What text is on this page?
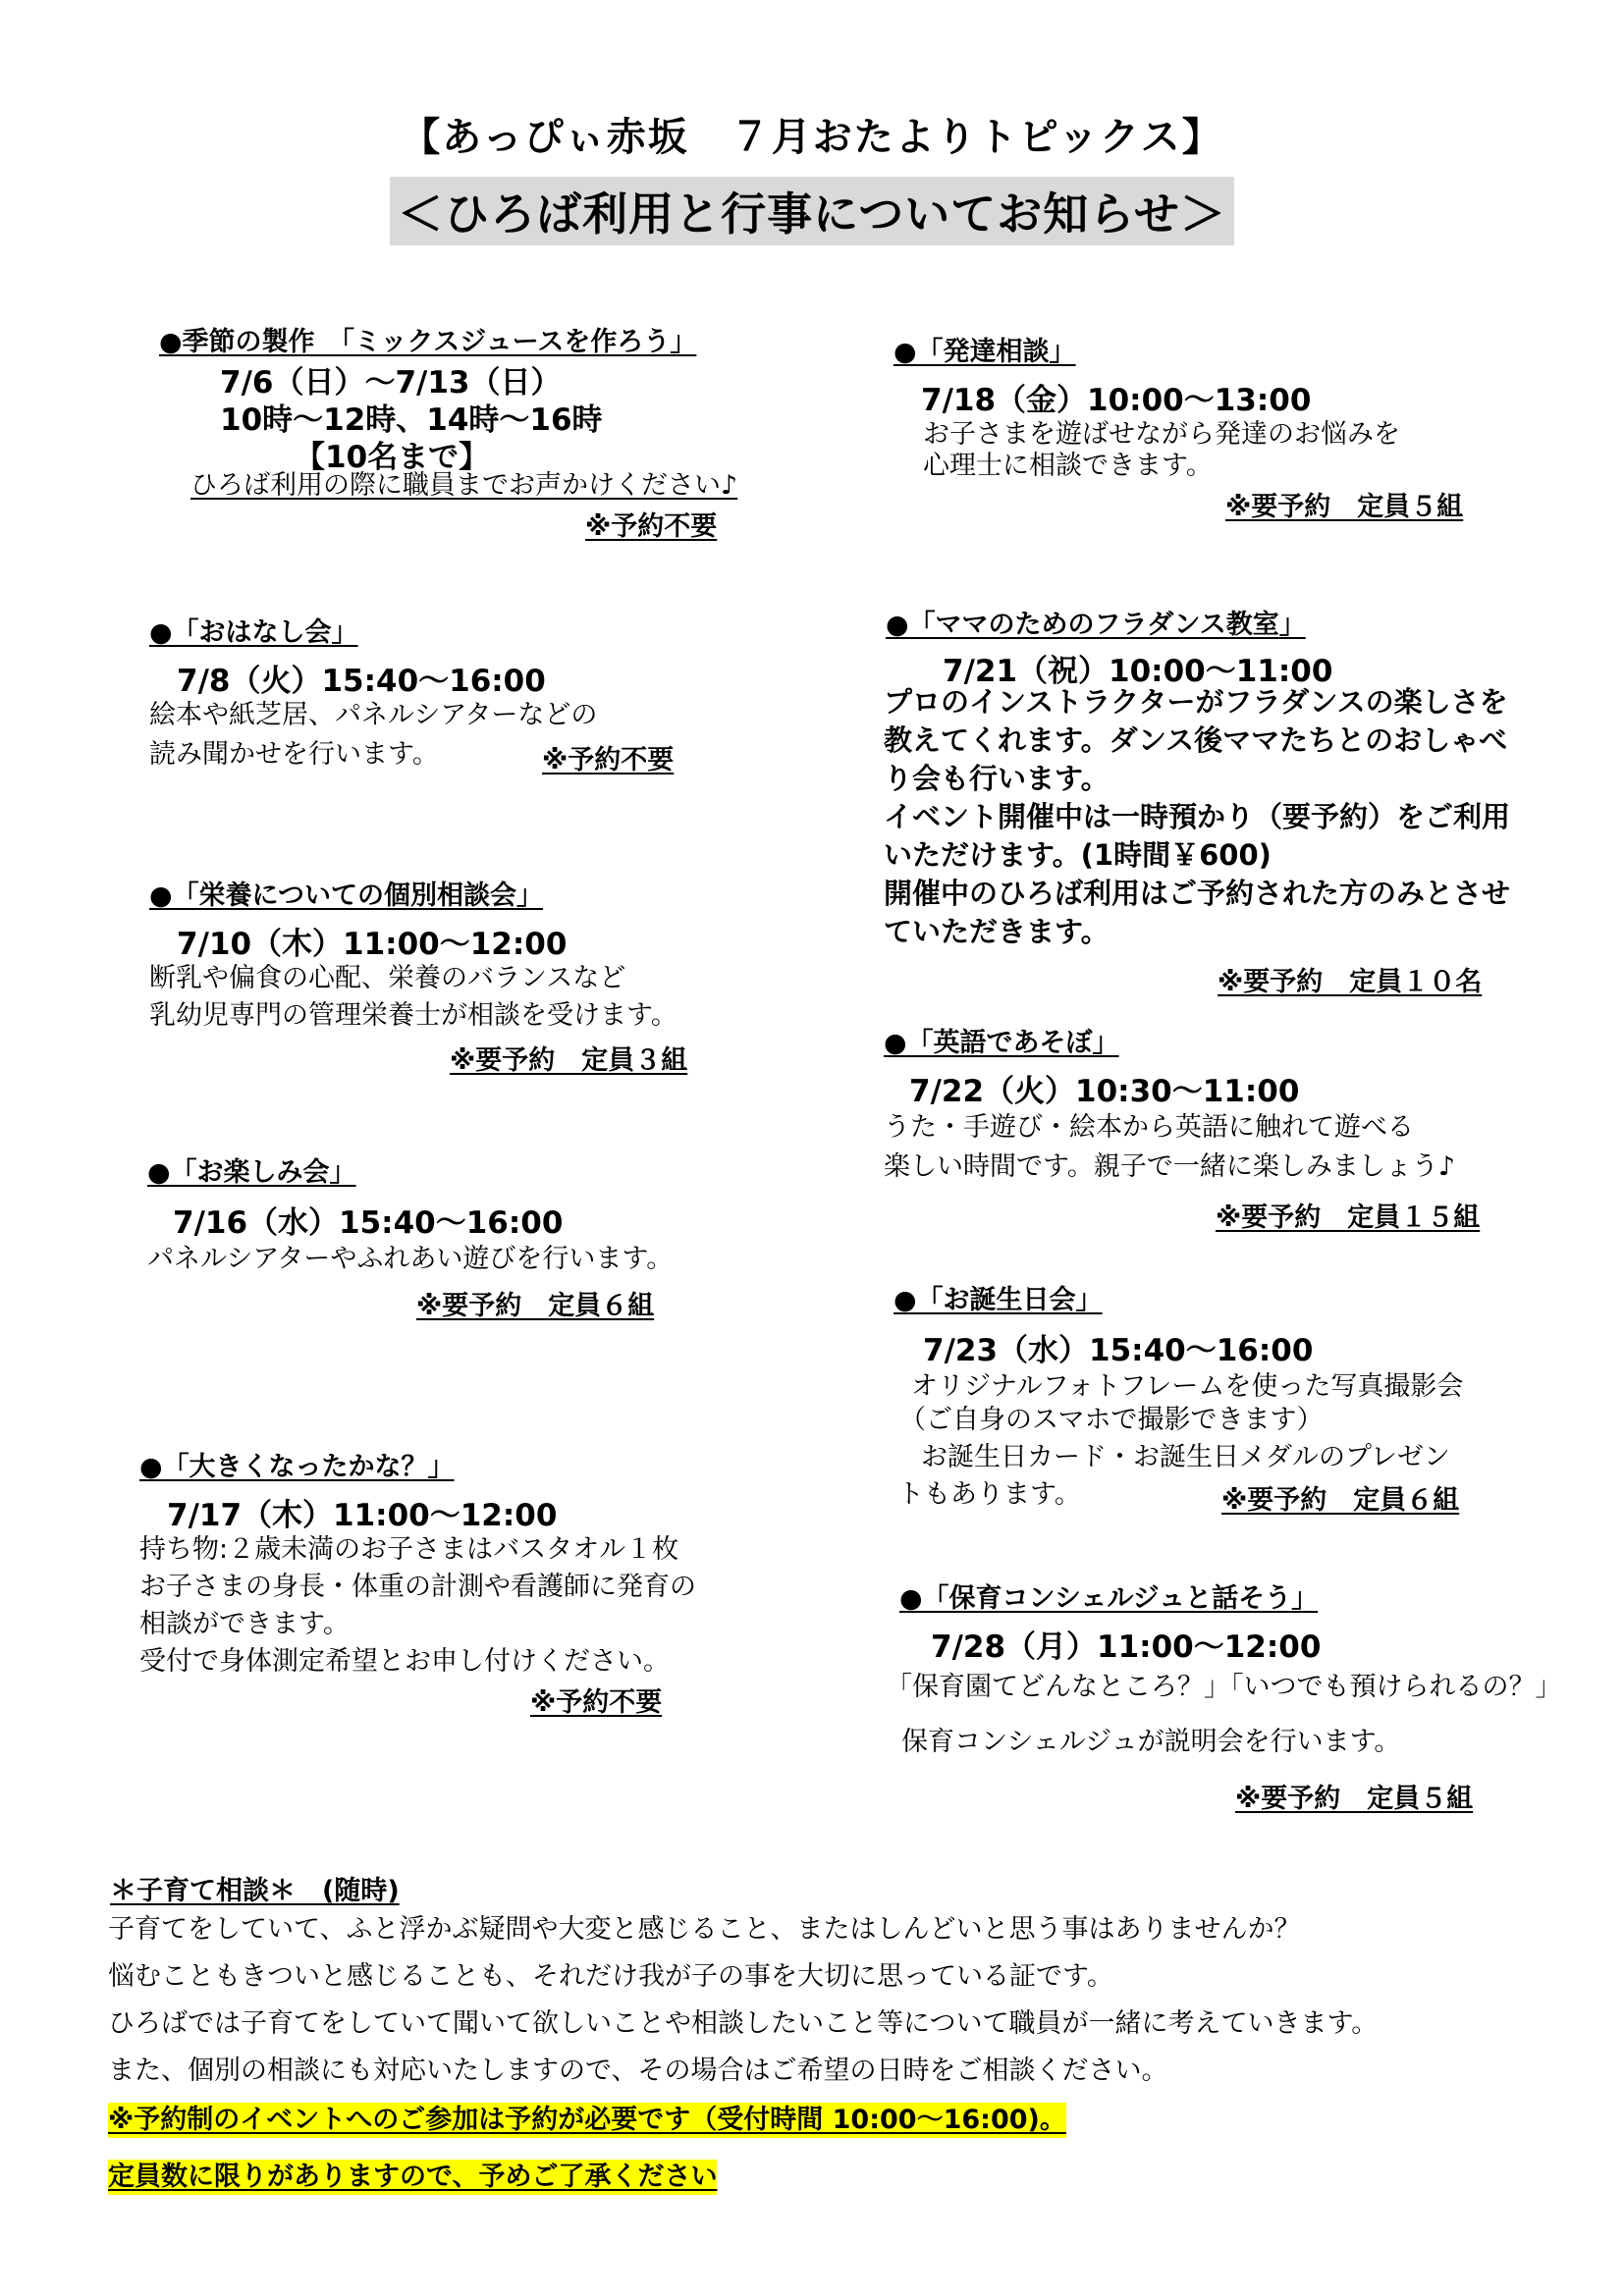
【あっぴぃ赤坂　７月おたよりトピックス】
＜ひろば利用と行事についてお知らせ＞
●季節の製作　「ミックスジュースを作ろう」
7/6（日）～7/13（日）
10時～12時、14時～16時
【10名まで】
ひろば利用の際に職員までお声かけください♪
※予約不要
●「おはなし会」
7/8（火）15:40～16:00
絵本や紙芝居、パネルシアターなどの
読み聞かせを行います。	※予約不要
●「栄養についての個別相談会」
7/10（木）11:00～12:00
断乳や偏食の心配、栄養のバランスなど
乳幼児専門の管理栄養士が相談を受けます。
※要予約　定員３組
●「お楽しみ会」
7/16（水）15:40～16:00
パネルシアターやふれあい遊びを行います。
※要予約　定員６組
●「大きくなったかな？」
7/17（木）11:00～12:00
持ち物:２歳未満のお子さまはバスタオル１枚
お子さまの身長・体重の計測や看護師に発育の
相談ができます。
受付で身体測定希望とお申し付けください。
※予約不要
●「発達相談」
7/18（金）10:00～13:00
お子さまを遊ばせながら発達のお悩みを
心理士に相談できます。
※要予約　定員５組
●「ママのためのフラダンス教室」
7/21（祝）10:00～11:00
プロのインストラクターがフラダンスの楽しさを
教えてくれます。ダンス後ママたちとのおしゃべ
り会も行います。
イベント開催中は一時預かり（要予約）をご利用
いただけます。(1時間￥600)
開催中のひろば利用はご予約された方のみとさせ
ていただきます。
※要予約　定員１０名
●「英語であそぼ」
7/22（火）10:30～11:00
うた・手遊び・絵本から英語に触れて遊べる
楽しい時間です。親子で一緒に楽しみましょう♪
※要予約　定員１５組
●「お誕生日会」
7/23（水）15:40～16:00
オリジナルフォトフレームを使った写真撮影会
（ご自身のスマホで撮影できます）
お誕生日カード・お誕生日メダルのプレゼン
トもあります。	※要予約　定員６組
●「保育コンシェルジュと話そう」
7/28（月）11:00～12:00
「保育園てどんなところ？」「いつでも預けられるの？」
保育コンシェルジュが説明会を行います。
※要予約　定員５組
＊子育て相談＊　(随時)
子育てをしていて、ふと浮かぶ疑問や大変と感じること、またはしんどいと思う事はありませんか？
悩むこともきついと感じることも、それだけ我が子の事を大切に思っている証です。
ひろばでは子育てをしていて聞いて欲しいことや相談したいこと等について職員が一緒に考えていきます。
また、個別の相談にも対応いたしますので、その場合はご希望の日時をご相談ください。
※予約制のイベントへのご参加は予約が必要です（受付時間 10:00～16:00)。
定員数に限りがありますので、予めご了承ください
